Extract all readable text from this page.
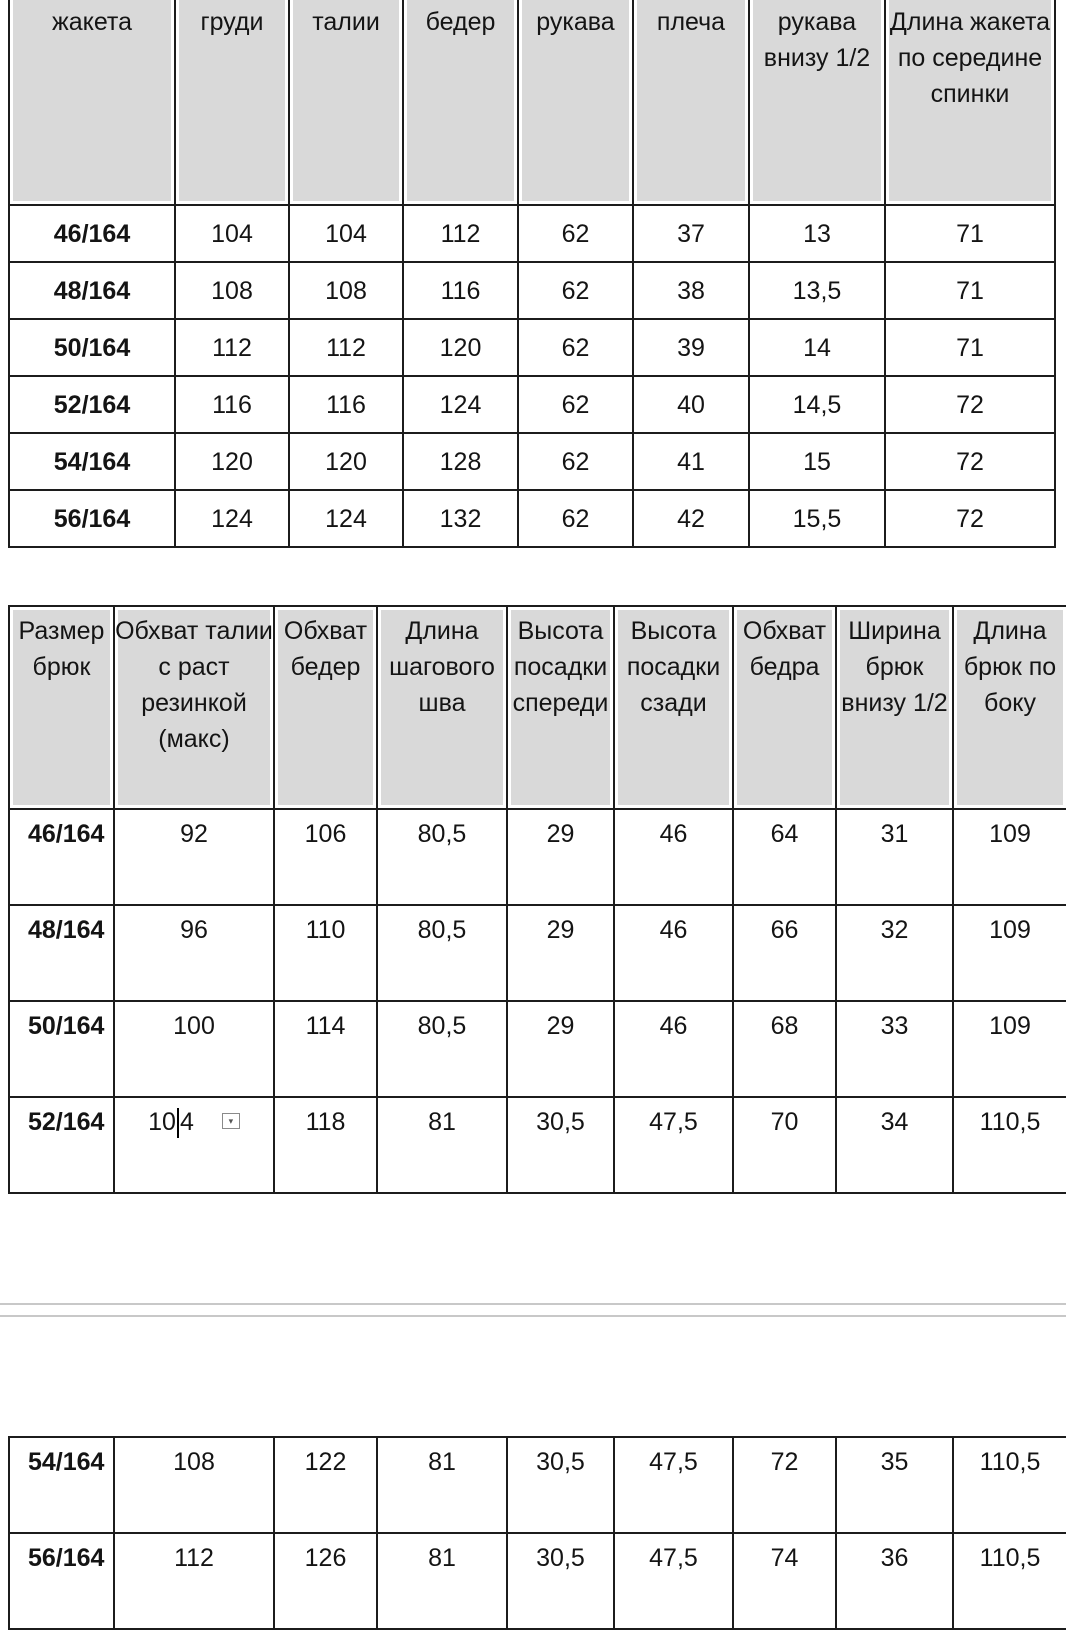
жакета	груди	талии	бедер	рукава	плеча	рукава внизу 1/2	Длина жакета по середине спинки
46/164	104	104	112	62	37	13	71
48/164	108	108	116	62	38	13,5	71
50/164	112	112	120	62	39	14	71
52/164	116	116	124	62	40	14,5	72
54/164	120	120	128	62	41	15	72
56/164	124	124	132	62	42	15,5	72
Размер брюк	Обхват талии с раст резинкой (макс)	Обхват бедер	Длина шагового шва	Высота посадки спереди	Высота посадки сзади	Обхват бедра	Ширина брюк внизу 1/2	Длина брюк по боку
46/164	92	106	80,5	29	46	64	31	109
48/164	96	110	80,5	29	46	66	32	109
50/164	100	114	80,5	29	46	68	33	109
52/164	10 4 ▾	118	81	30,5	47,5	70	34	110,5
54/164	108	122	81	30,5	47,5	72	35	110,5
56/164	112	126	81	30,5	47,5	74	36	110,5
